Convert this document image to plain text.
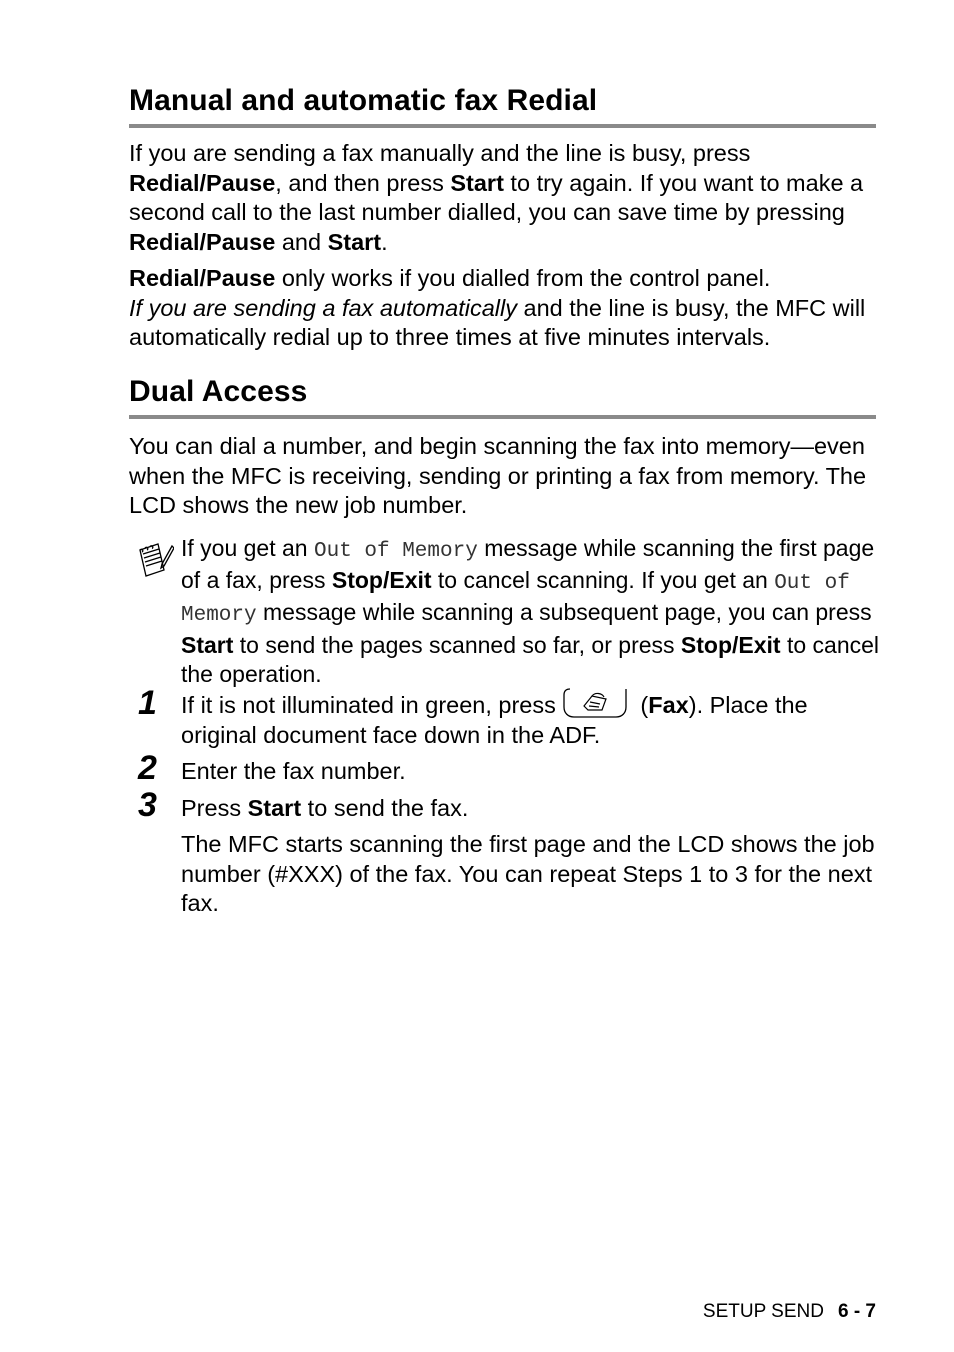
Manual and automatic fax Redial

If you are sending a fax manually and the line is busy, press Redial/Pause, and then press Start to try again. If you want to make a second call to the last number dialled, you can save time by pressing Redial/Pause and Start.

Redial/Pause only works if you dialled from the control panel.
If you are sending a fax automatically and the line is busy, the MFC will automatically redial up to three times at five minutes intervals.

Dual Access

You can dial a number, and begin scanning the fax into memory—even when the MFC is receiving, sending or printing a fax from memory. The LCD shows the new job number.

If you get an Out of Memory message while scanning the first page of a fax, press Stop/Exit to cancel scanning. If you get an Out of Memory message while scanning a subsequent page, you can press Start to send the pages scanned so far, or press Stop/Exit to cancel the operation.
1 If it is not illuminated in green, press	(Fax). Place the original document face down in the ADF.
2 Enter the fax number.
3 Press Start to send the fax.
The MFC starts scanning the first page and the LCD shows the job number (#XXX) of the fax. You can repeat Steps 1 to 3 for the next fax.
SETUP SEND 6 - 7
